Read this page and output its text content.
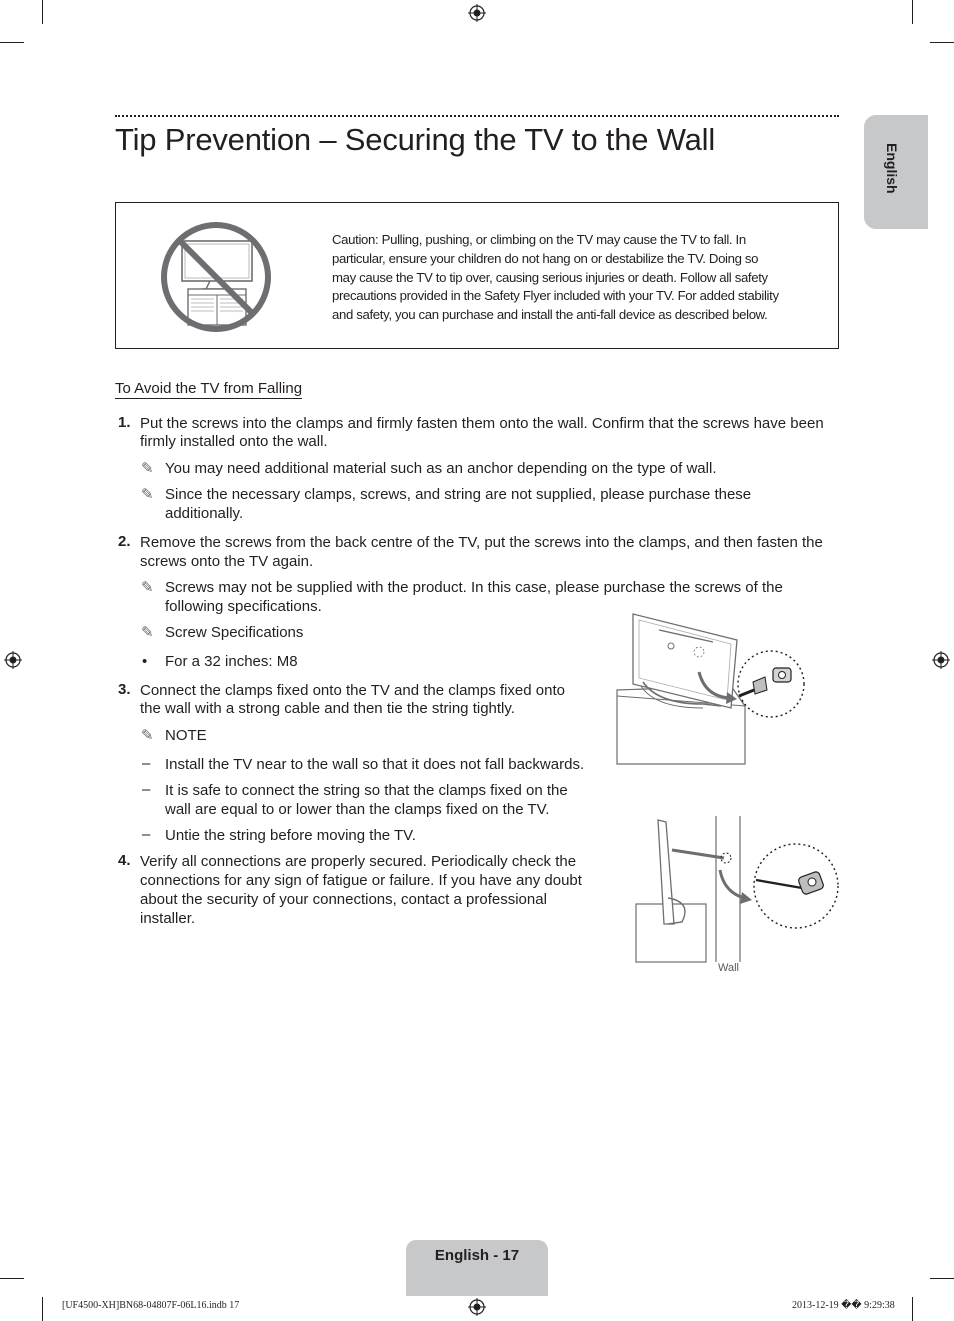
Tip Prevention – Securing the TV to the Wall
English
Caution: Pulling, pushing, or climbing on the TV may cause the TV to fall. In
particular, ensure your children do not hang on or destabilize the TV. Doing so
may cause the TV to tip over, causing serious injuries or death. Follow all safety
precautions provided in the Safety Flyer included with your TV. For added stability
and safety, you can purchase and install the anti-fall device as described below.
To Avoid the TV from Falling
1. Put the screws into the clamps and firmly fasten them onto the wall. Confirm that the screws have been
firmly installed onto the wall.
✎ You may need additional material such as an anchor depending on the type of wall.
✎ Since the necessary clamps, screws, and string are not supplied, please purchase these
additionally.
2. Remove the screws from the back centre of the TV, put the screws into the clamps, and then fasten the
screws onto the TV again.
✎ Screws may not be supplied with the product. In this case, please purchase the screws of the
following specifications.
✎ Screw Specifications
• For a 32 inches: M8
3. Connect the clamps fixed onto the TV and the clamps fixed onto
the wall with a strong cable and then tie the string tightly.
✎ NOTE
– Install the TV near to the wall so that it does not fall backwards.
– It is safe to connect the string so that the clamps fixed on the
wall are equal to or lower than the clamps fixed on the TV.
– Untie the string before moving the TV.
4. Verify all connections are properly secured. Periodically check the
connections for any sign of fatigue or failure. If you have any doubt
about the security of your connections, contact a professional
installer.
Wall
English - 17
[UF4500-XH]BN68-04807F-06L16.indb 17	2013-12-19 �� 9:29:38
